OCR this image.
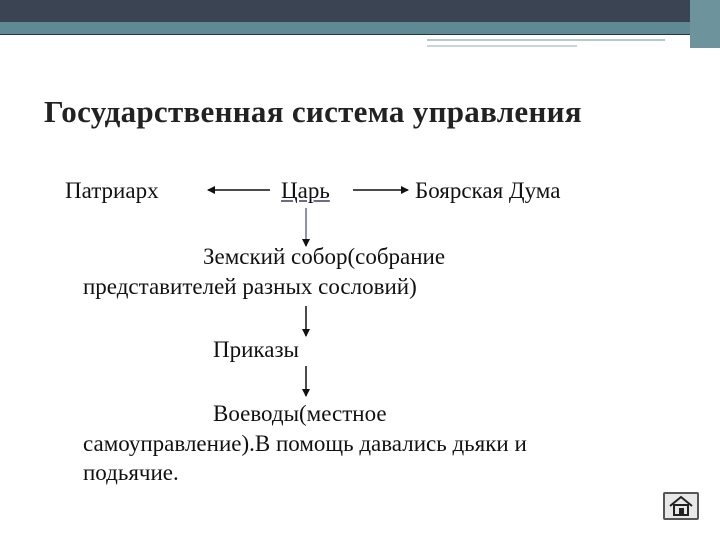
Государственная система управления
Патриарх	Царь	Боярская Дума
Земский собор(собрание
представителей разных сословий)
Приказы
Воеводы(местное
самоуправление).В помощь давались дьяки и
подьячие.
